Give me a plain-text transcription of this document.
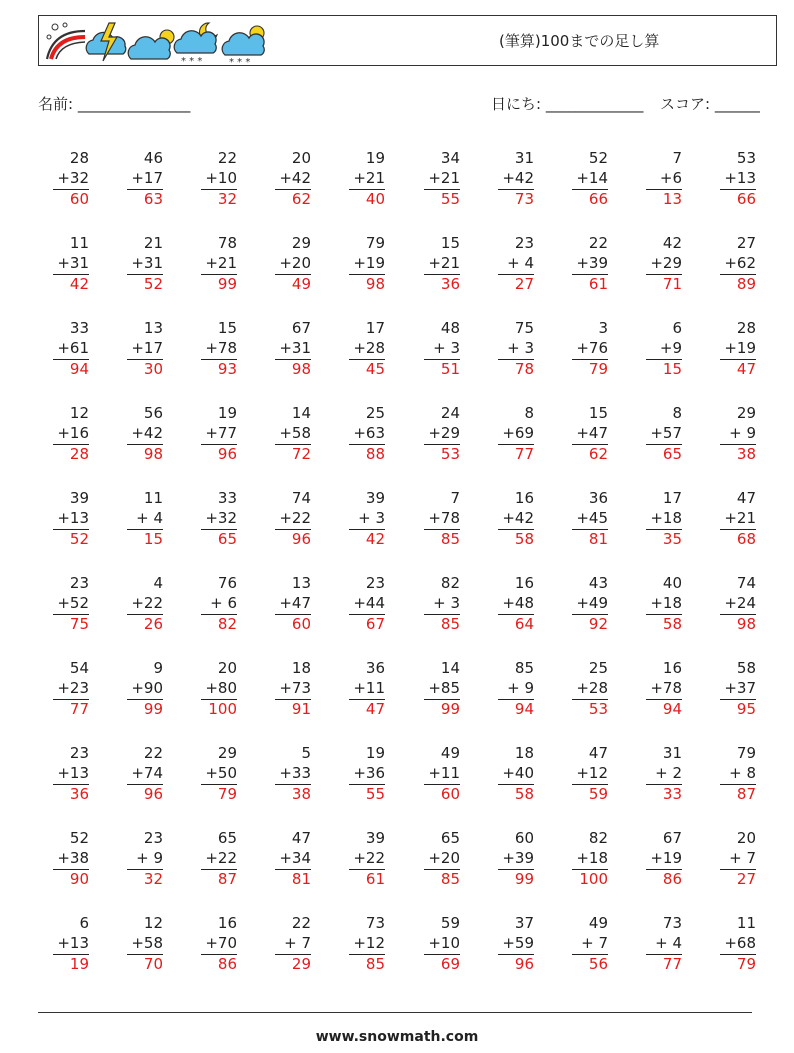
* * *	* * *
(筆算)100までの足し算
名前: _______________	日にち: _____________ スコア: ______
28
+32
60
46
+17
63
22
+10
32
20
+42
62
19
+21
40
34
+21
55
31
+42
73
52
+14
66
7
+6
13
53
+13
66
11
+31
42
21
+31
52
78
+21
99
29
+20
49
79
+19
98
15
+21
36
23
+ 4
27
22
+39
61
42
+29
71
27
+62
89
33
+61
94
13
+17
30
15
+78
93
67
+31
98
17
+28
45
48
+ 3
51
75
+ 3
78
3
+76
79
6
+9
15
28
+19
47
12
+16
28
56
+42
98
19
+77
96
14
+58
72
25
+63
88
24
+29
53
8
+69
77
15
+47
62
8
+57
65
29
+ 9
38
39
+13
52
11
+ 4
15
33
+32
65
74
+22
96
39
+ 3
42
7
+78
85
16
+42
58
36
+45
81
17
+18
35
47
+21
68
23
+52
75
4
+22
26
76
+ 6
82
13
+47
60
23
+44
67
82
+ 3
85
16
+48
64
43
+49
92
40
+18
58
74
+24
98
54
+23
77
9
+90
99
20
+80
100
18
+73
91
36
+11
47
14
+85
99
85
+ 9
94
25
+28
53
16
+78
94
58
+37
95
23
+13
36
22
+74
96
29
+50
79
5
+33
38
19
+36
55
49
+11
60
18
+40
58
47
+12
59
31
+ 2
33
79
+ 8
87
52
+38
90
23
+ 9
32
65
+22
87
47
+34
81
39
+22
61
65
+20
85
60
+39
99
82
+18
100
67
+19
86
20
+ 7
27
6
+13
19
12
+58
70
16
+70
86
22
+ 7
29
73
+12
85
59
+10
69
37
+59
96
49
+ 7
56
73
+ 4
77
11
+68
79
www.snowmath.com
